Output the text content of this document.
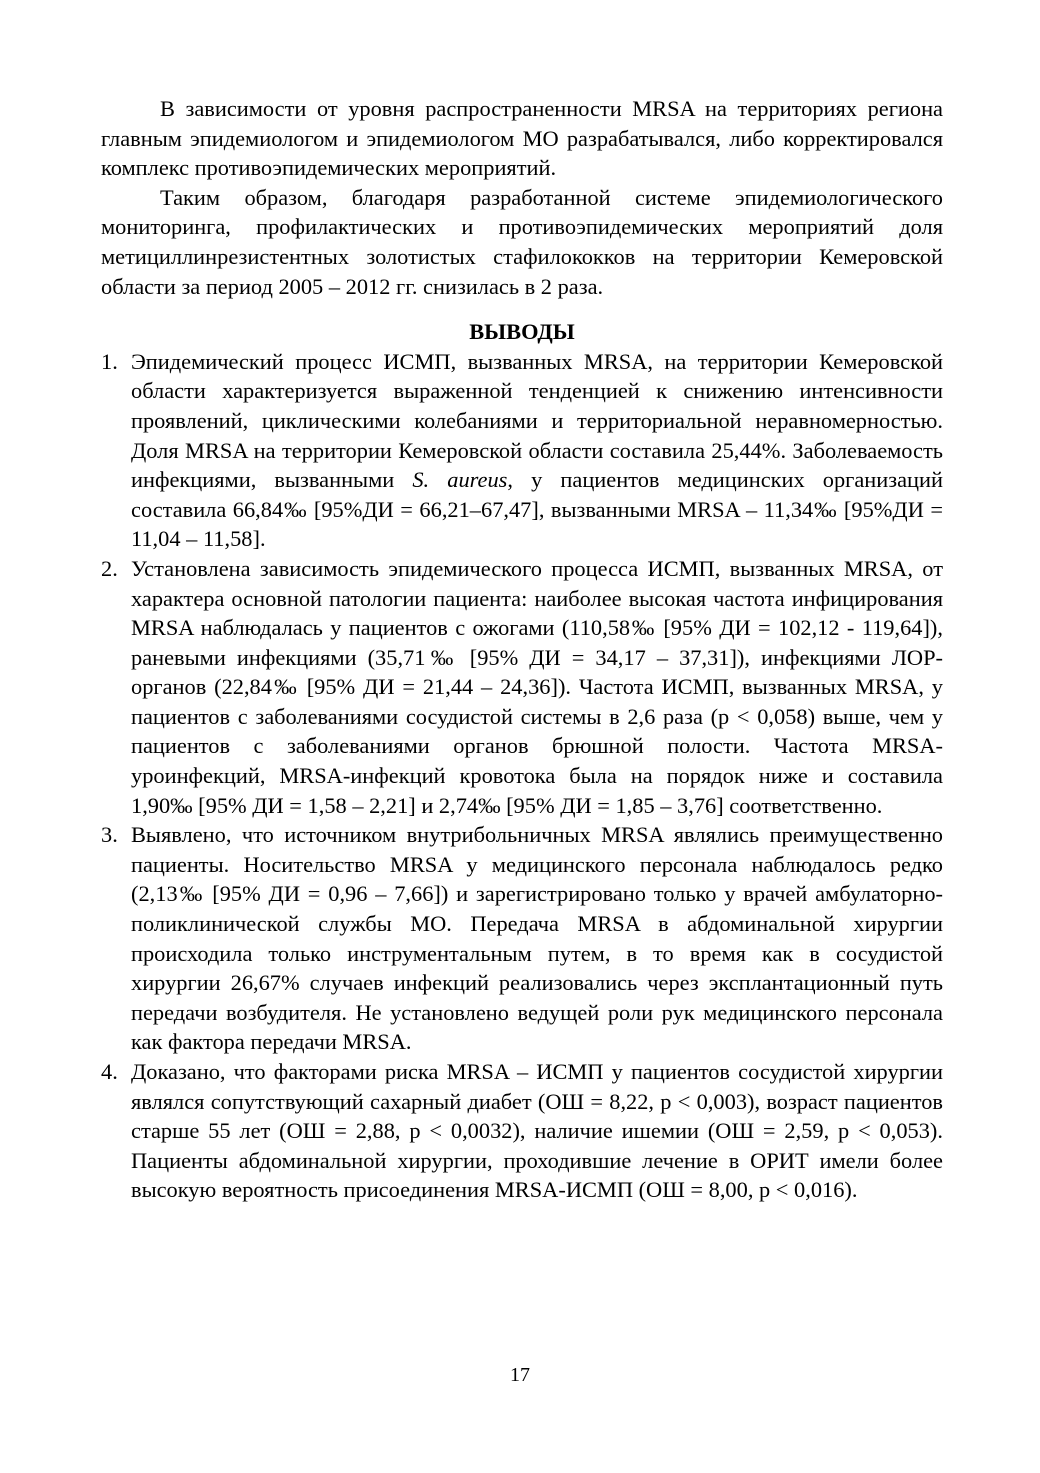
В зависимости от уровня распространенности MRSA на территориях региона главным эпидемиологом и эпидемиологом МО разрабатывался, либо корректировался комплекс противоэпидемических мероприятий.

Таким образом, благодаря разработанной системе эпидемиологического мониторинга, профилактических и противоэпидемических мероприятий доля метициллинрезистентных золотистых стафилококков на территории Кемеровской области за период 2005 – 2012 гг. снизилась в 2 раза.

ВЫВОДЫ
1. Эпидемический процесс ИСМП, вызванных MRSA, на территории Кемеровской области характеризуется выраженной тенденцией к снижению интенсивности проявлений, циклическими колебаниями и территориальной неравномерностью. Доля MRSA на территории Кемеровской области составила 25,44%. Заболеваемость инфекциями, вызванными S. aureus, у пациентов медицинских организаций составила 66,84‰ [95%ДИ = 66,21–67,47], вызванными MRSA – 11,34‰ [95%ДИ = 11,04 – 11,58].
2. Установлена зависимость эпидемического процесса ИСМП, вызванных MRSA, от характера основной патологии пациента: наиболее высокая частота инфицирования MRSA наблюдалась у пациентов с ожогами (110,58‰ [95% ДИ = 102,12 - 119,64]), раневыми инфекциями (35,71‰ [95% ДИ = 34,17 – 37,31]), инфекциями ЛОР-органов (22,84‰ [95% ДИ = 21,44 – 24,36]). Частота ИСМП, вызванных MRSA, у пациентов с заболеваниями сосудистой системы в 2,6 раза (p < 0,058) выше, чем у пациентов с заболеваниями органов брюшной полости. Частота MRSA-уроинфекций, MRSA-инфекций кровотока была на порядок ниже и составила 1,90‰ [95% ДИ = 1,58 – 2,21] и 2,74‰ [95% ДИ = 1,85 – 3,76] соответственно.
3. Выявлено, что источником внутрибольничных MRSA являлись преимущественно пациенты. Носительство MRSA у медицинского персонала наблюдалось редко (2,13‰ [95% ДИ = 0,96 – 7,66]) и зарегистрировано только у врачей амбулаторно-поликлинической службы МО. Передача MRSA в абдоминальной хирургии происходила только инструментальным путем, в то время как в сосудистой хирургии 26,67% случаев инфекций реализовались через эксплантационный путь передачи возбудителя. Не установлено ведущей роли рук медицинского персонала как фактора передачи MRSA.
4. Доказано, что факторами риска MRSA – ИСМП у пациентов сосудистой хирургии являлся сопутствующий сахарный диабет (ОШ = 8,22, p < 0,003), возраст пациентов старше 55 лет (ОШ = 2,88, p < 0,0032), наличие ишемии (ОШ = 2,59, p < 0,053). Пациенты абдоминальной хирургии, проходившие лечение в ОРИТ имели более высокую вероятность присоединения MRSA-ИСМП (ОШ = 8,00, p < 0,016).
17
